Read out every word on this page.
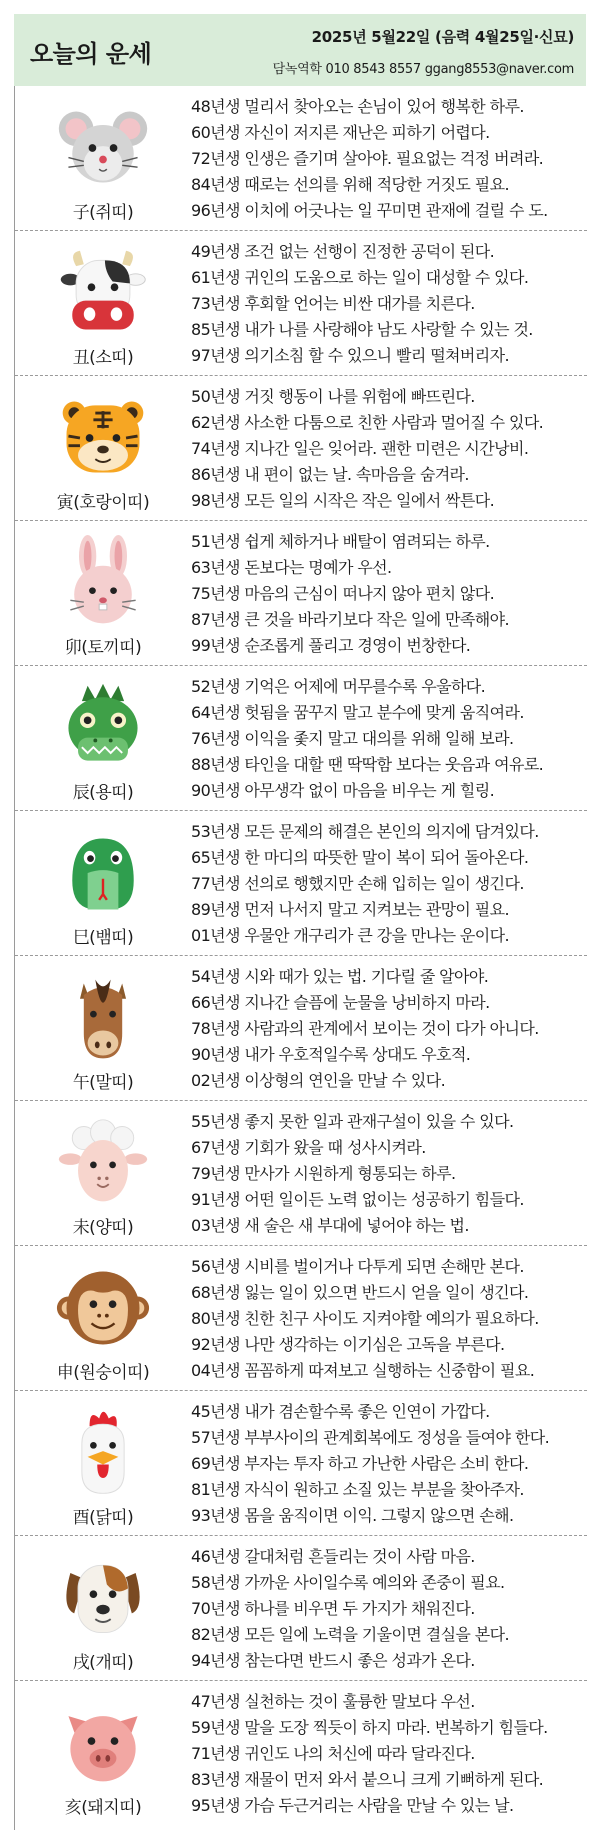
오늘의 운세
2025년 5월22일 (음력 4월25일·신묘)
담녹역학 010 8543 8557 ggang8553@naver.com
子(쥐띠)
48년생 멀리서 찾아오는 손님이 있어 행복한 하루.
60년생 자신이 저지른 재난은 피하기 어렵다.
72년생 인생은 즐기며 살아야. 필요없는 걱정 버려라.
84년생 때로는 선의를 위해 적당한 거짓도 필요.
96년생 이치에 어긋나는 일 꾸미면 관재에 걸릴 수 도.
丑(소띠)
49년생 조건 없는 선행이 진정한 공덕이 된다.
61년생 귀인의 도움으로 하는 일이 대성할 수 있다.
73년생 후회할 언어는 비싼 대가를 치른다.
85년생 내가 나를 사랑해야 남도 사랑할 수 있는 것.
97년생 의기소침 할 수 있으니 빨리 떨쳐버리자.
寅(호랑이띠)
50년생 거짓 행동이 나를 위험에 빠뜨린다.
62년생 사소한 다툼으로 친한 사람과 멀어질 수 있다.
74년생 지나간 일은 잊어라. 괜한 미련은 시간낭비.
86년생 내 편이 없는 날. 속마음을 숨겨라.
98년생 모든 일의 시작은 작은 일에서 싹튼다.
卯(토끼띠)
51년생 쉽게 체하거나 배탈이 염려되는 하루.
63년생 돈보다는 명예가 우선.
75년생 마음의 근심이 떠나지 않아 편치 않다.
87년생 큰 것을 바라기보다 작은 일에 만족해야.
99년생 순조롭게 풀리고 경영이 번창한다.
辰(용띠)
52년생 기억은 어제에 머무를수록 우울하다.
64년생 헛됨을 꿈꾸지 말고 분수에 맞게 움직여라.
76년생 이익을 좇지 말고 대의를 위해 일해 보라.
88년생 타인을 대할 땐 딱딱함 보다는 웃음과 여유로.
90년생 아무생각 없이 마음을 비우는 게 힐링.
巳(뱀띠)
53년생 모든 문제의 해결은 본인의 의지에 담겨있다.
65년생 한 마디의 따뜻한 말이 복이 되어 돌아온다.
77년생 선의로 행했지만 손해 입히는 일이 생긴다.
89년생 먼저 나서지 말고 지켜보는 관망이 필요.
01년생 우물안 개구리가 큰 강을 만나는 운이다.
午(말띠)
54년생 시와 때가 있는 법. 기다릴 줄 알아야.
66년생 지나간 슬픔에 눈물을 낭비하지 마라.
78년생 사람과의 관계에서 보이는 것이 다가 아니다.
90년생 내가 우호적일수록 상대도 우호적.
02년생 이상형의 연인을 만날 수 있다.
未(양띠)
55년생 좋지 못한 일과 관재구설이 있을 수 있다.
67년생 기회가 왔을 때 성사시켜라.
79년생 만사가 시원하게 형통되는 하루.
91년생 어떤 일이든 노력 없이는 성공하기 힘들다.
03년생 새 술은 새 부대에 넣어야 하는 법.
申(원숭이띠)
56년생 시비를 벌이거나 다투게 되면 손해만 본다.
68년생 잃는 일이 있으면 반드시 얻을 일이 생긴다.
80년생 친한 친구 사이도 지켜야할 예의가 필요하다.
92년생 나만 생각하는 이기심은 고독을 부른다.
04년생 꼼꼼하게 따져보고 실행하는 신중함이 필요.
酉(닭띠)
45년생 내가 겸손할수록 좋은 인연이 가깝다.
57년생 부부사이의 관계회복에도 정성을 들여야 한다.
69년생 부자는 투자 하고 가난한 사람은 소비 한다.
81년생 자식이 원하고 소질 있는 부분을 찾아주자.
93년생 몸을 움직이면 이익. 그렇지 않으면 손해.
戌(개띠)
46년생 갈대처럼 흔들리는 것이 사람 마음.
58년생 가까운 사이일수록 예의와 존중이 필요.
70년생 하나를 비우면 두 가지가 채워진다.
82년생 모든 일에 노력을 기울이면 결실을 본다.
94년생 참는다면 반드시 좋은 성과가 온다.
亥(돼지띠)
47년생 실천하는 것이 훌륭한 말보다 우선.
59년생 말을 도장 찍듯이 하지 마라. 번복하기 힘들다.
71년생 귀인도 나의 처신에 따라 달라진다.
83년생 재물이 먼저 와서 붙으니 크게 기뻐하게 된다.
95년생 가슴 두근거리는 사람을 만날 수 있는 날.
